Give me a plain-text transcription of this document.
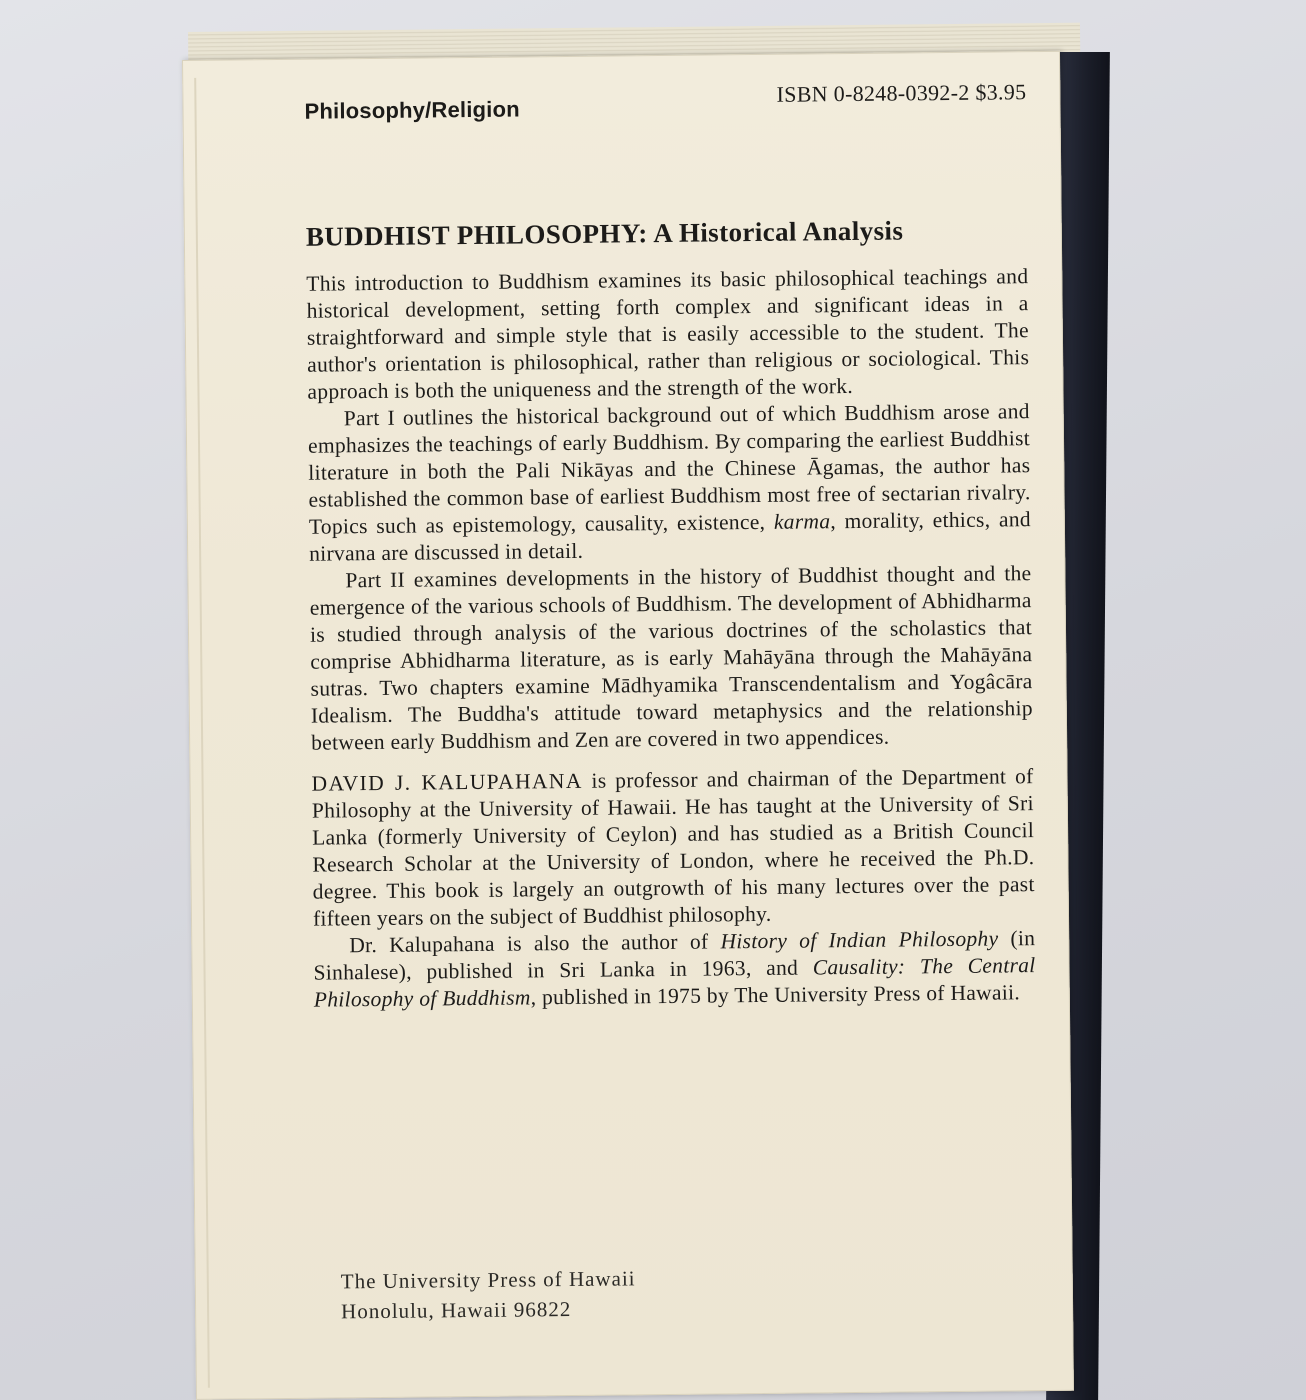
Philosophy/Religion
ISBN 0-8248-0392-2 $3.95
BUDDHIST PHILOSOPHY: A Historical Analysis

This introduction to Buddhism examines its basic philosophical teachings and historical development, setting forth complex and significant ideas in a straightforward and simple style that is easily accessible to the student. The author's orientation is philosophical, rather than religious or sociological. This approach is both the uniqueness and the strength of the work.

Part I outlines the historical background out of which Buddhism arose and emphasizes the teachings of early Buddhism. By comparing the earliest Buddhist literature in both the Pali Nikāyas and the Chinese Āgamas, the author has established the common base of earliest Buddhism most free of sectarian rivalry. Topics such as epistemology, causality, existence, karma, morality, ethics, and nirvana are discussed in detail.

Part II examines developments in the history of Buddhist thought and the emergence of the various schools of Buddhism. The development of Abhidharma is studied through analysis of the various doctrines of the scholastics that comprise Abhidharma literature, as is early Mahāyāna through the Mahāyāna sutras. Two chapters examine Mādhyamika Transcendentalism and Yogâcāra Idealism. The Buddha's attitude toward metaphysics and the relationship between early Buddhism and Zen are covered in two appendices.

DAVID J. KALUPAHANA is professor and chairman of the Department of Philosophy at the University of Hawaii. He has taught at the University of Sri Lanka (formerly University of Ceylon) and has studied as a British Council Research Scholar at the University of London, where he received the Ph.D. degree. This book is largely an outgrowth of his many lectures over the past fifteen years on the subject of Buddhist philosophy.

Dr. Kalupahana is also the author of History of Indian Philosophy (in Sinhalese), published in Sri Lanka in 1963, and Causality: The Central Philosophy of Buddhism, published in 1975 by The University Press of Hawaii.

The University Press of Hawaii
Honolulu, Hawaii 96822
